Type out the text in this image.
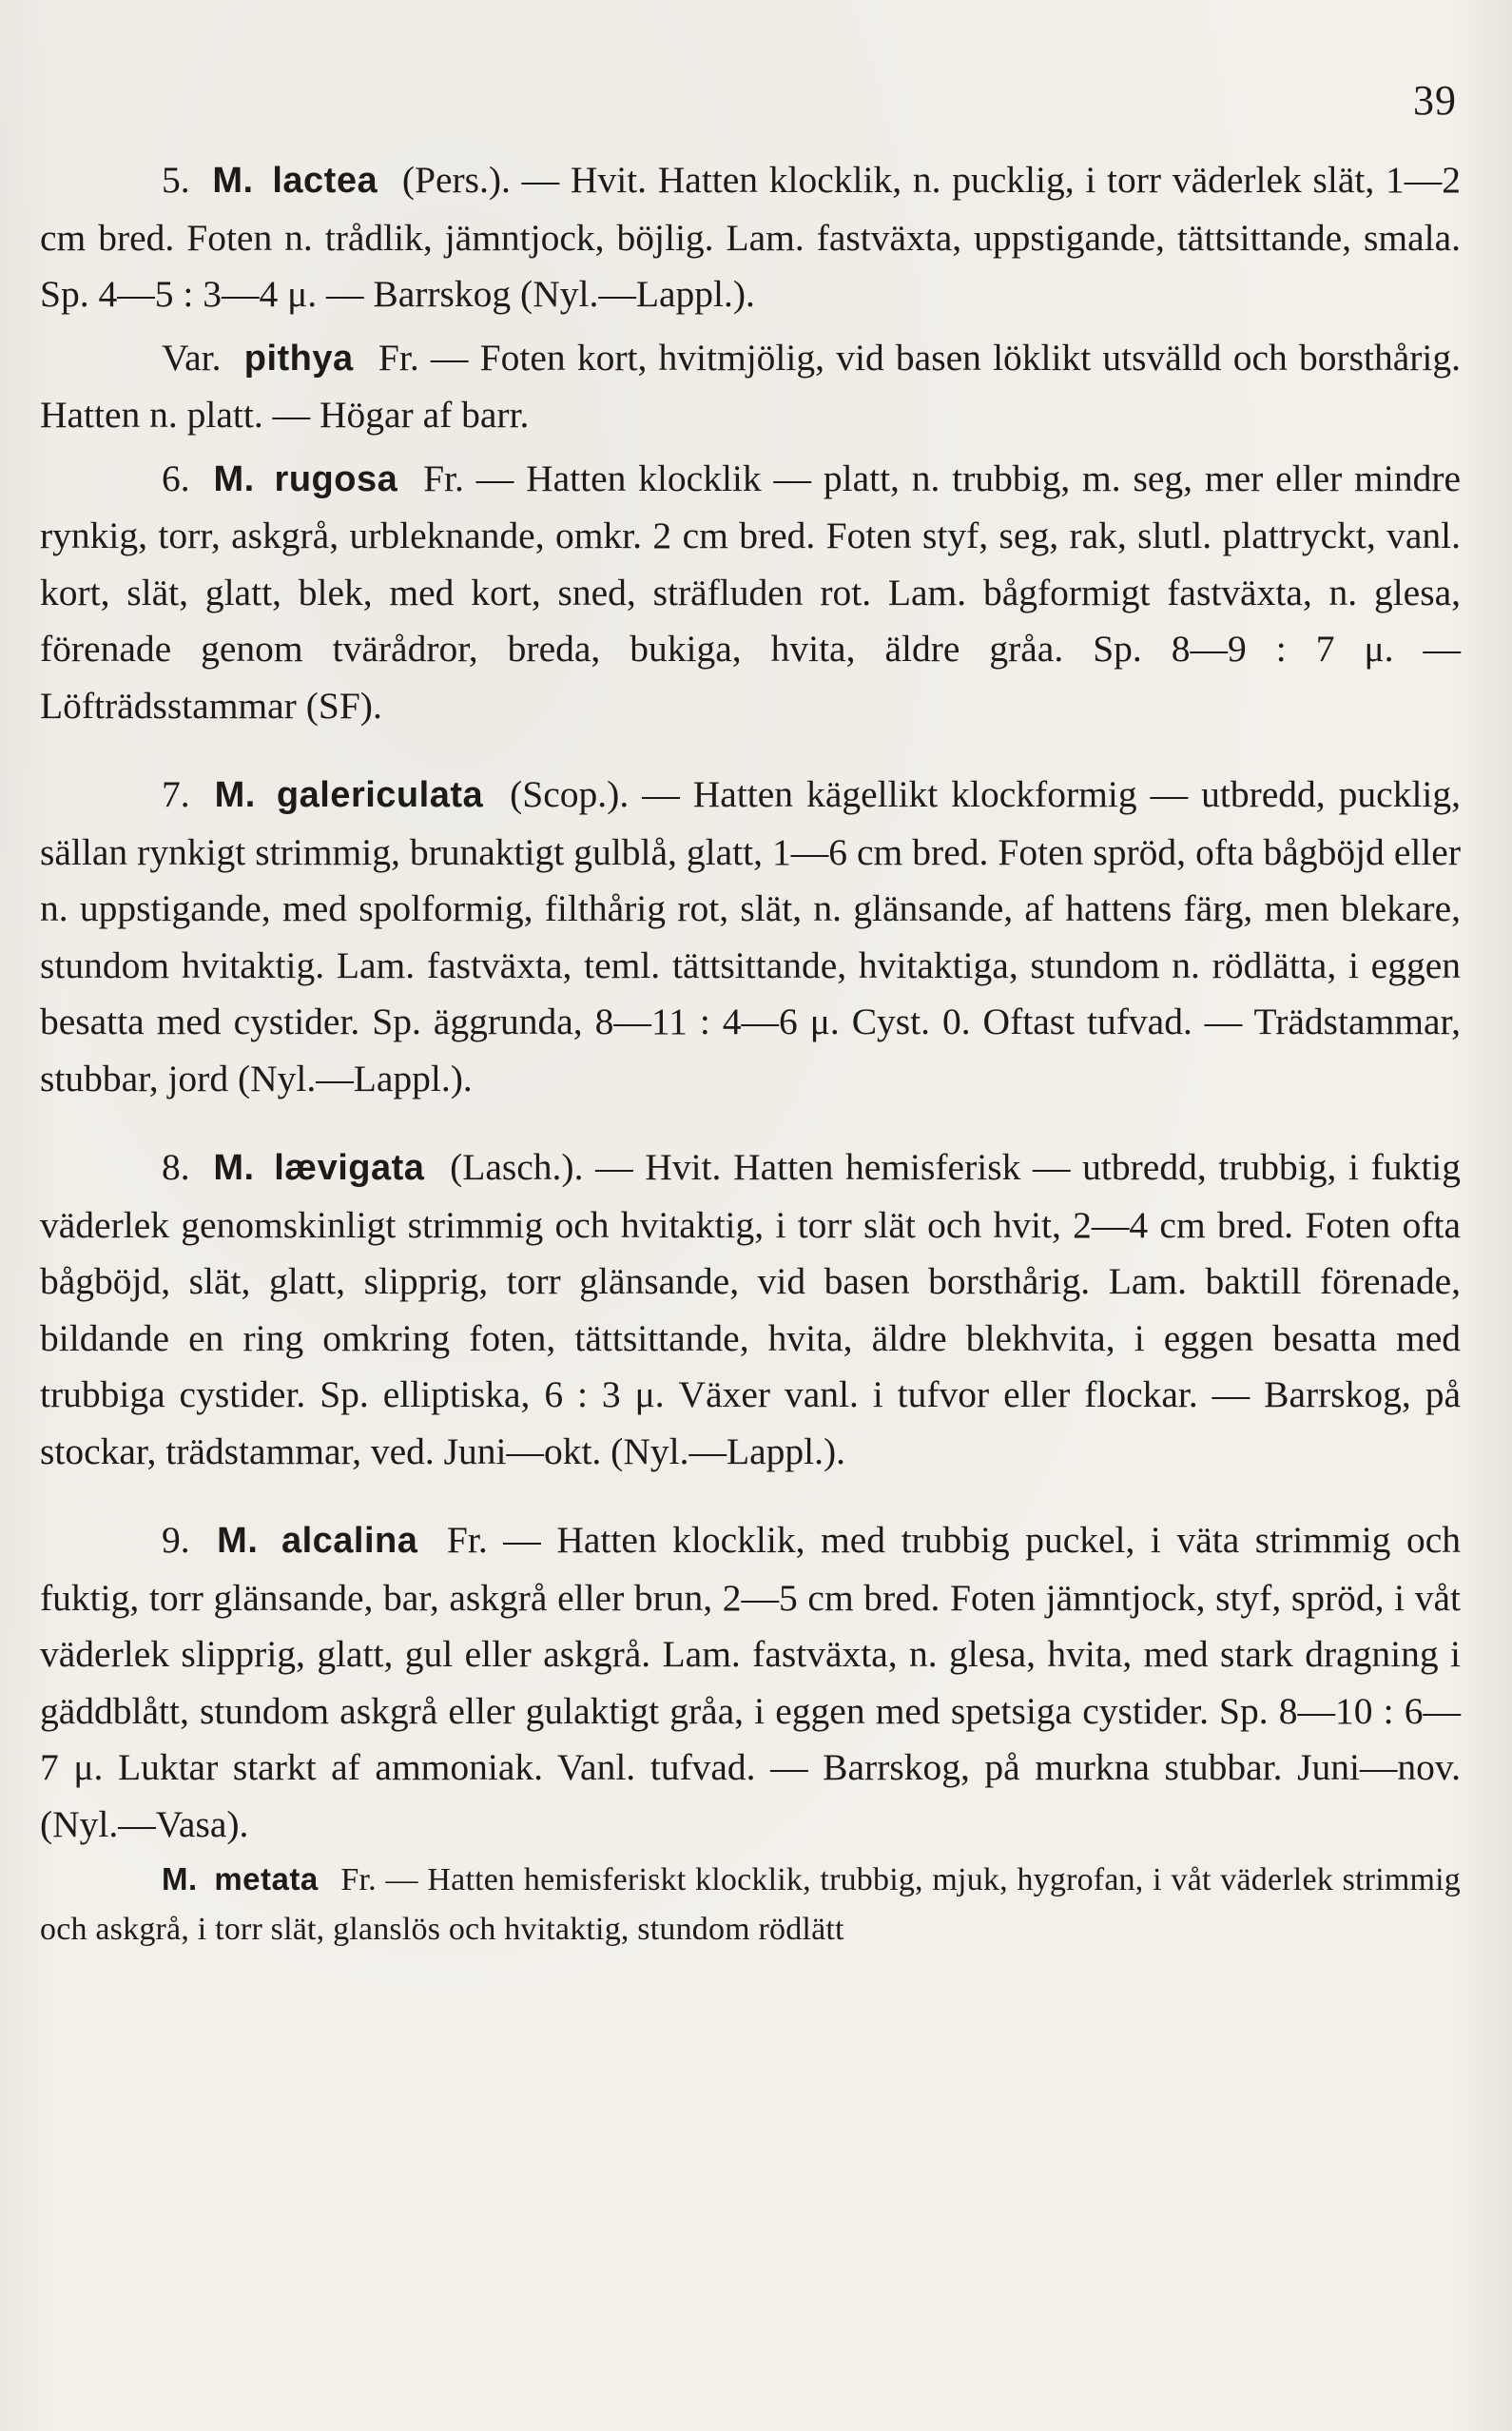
39

5. M. lactea (Pers.). — Hvit. Hatten klocklik, n. pucklig, i torr väderlek slät, 1—2 cm bred. Foten n. trådlik, jämntjock, böjlig. Lam. fastväxta, uppstigande, tättsittande, smala. Sp. 4—5 : 3—4 μ. — Barrskog (Nyl.—Lappl.).

Var. pithya Fr. — Foten kort, hvitmjölig, vid basen löklikt utsvälld och borsthårig. Hatten n. platt. — Högar af barr.

6. M. rugosa Fr. — Hatten klocklik — platt, n. trubbig, m. seg, mer eller mindre rynkig, torr, askgrå, urbleknande, omkr. 2 cm bred. Foten styf, seg, rak, slutl. plattryckt, vanl. kort, slät, glatt, blek, med kort, sned, sträfluden rot. Lam. bågformigt fastväxta, n. glesa, förenade genom tvärådror, breda, bukiga, hvita, äldre gråa. Sp. 8—9 : 7 μ. — Löfträdsstammar (SF).

7. M. galericulata (Scop.). — Hatten kägellikt klockformig — utbredd, pucklig, sällan rynkigt strimmig, brunaktigt gulblå, glatt, 1—6 cm bred. Foten spröd, ofta bågböjd eller n. uppstigande, med spolformig, filthårig rot, slät, n. glänsande, af hattens färg, men blekare, stundom hvitaktig. Lam. fastväxta, teml. tättsittande, hvitaktiga, stundom n. rödlätta, i eggen besatta med cystider. Sp. äggrunda, 8—11 : 4—6 μ. Cyst. 0. Oftast tufvad. — Trädstammar, stubbar, jord (Nyl.—Lappl.).

8. M. lævigata (Lasch.). — Hvit. Hatten hemisferisk — utbredd, trubbig, i fuktig väderlek genomskinligt strimmig och hvitaktig, i torr slät och hvit, 2—4 cm bred. Foten ofta bågböjd, slät, glatt, slipprig, torr glänsande, vid basen borsthårig. Lam. baktill förenade, bildande en ring omkring foten, tättsittande, hvita, äldre blekhvita, i eggen besatta med trubbiga cystider. Sp. elliptiska, 6 : 3 μ. Växer vanl. i tufvor eller flockar. — Barrskog, på stockar, trädstammar, ved. Juni—okt. (Nyl.—Lappl.).

9. M. alcalina Fr. — Hatten klocklik, med trubbig puckel, i väta strimmig och fuktig, torr glänsande, bar, askgrå eller brun, 2—5 cm bred. Foten jämntjock, styf, spröd, i våt väderlek slipprig, glatt, gul eller askgrå. Lam. fastväxta, n. glesa, hvita, med stark dragning i gäddblått, stundom askgrå eller gulaktigt gråa, i eggen med spetsiga cystider. Sp. 8—10 : 6—7 μ. Luktar starkt af ammoniak. Vanl. tufvad. — Barrskog, på murkna stubbar. Juni—nov. (Nyl.—Vasa).

M. metata Fr. — Hatten hemisferiskt klocklik, trubbig, mjuk, hygrofan, i våt väderlek strimmig och askgrå, i torr slät, glanslös och hvitaktig, stundom rödlätt
